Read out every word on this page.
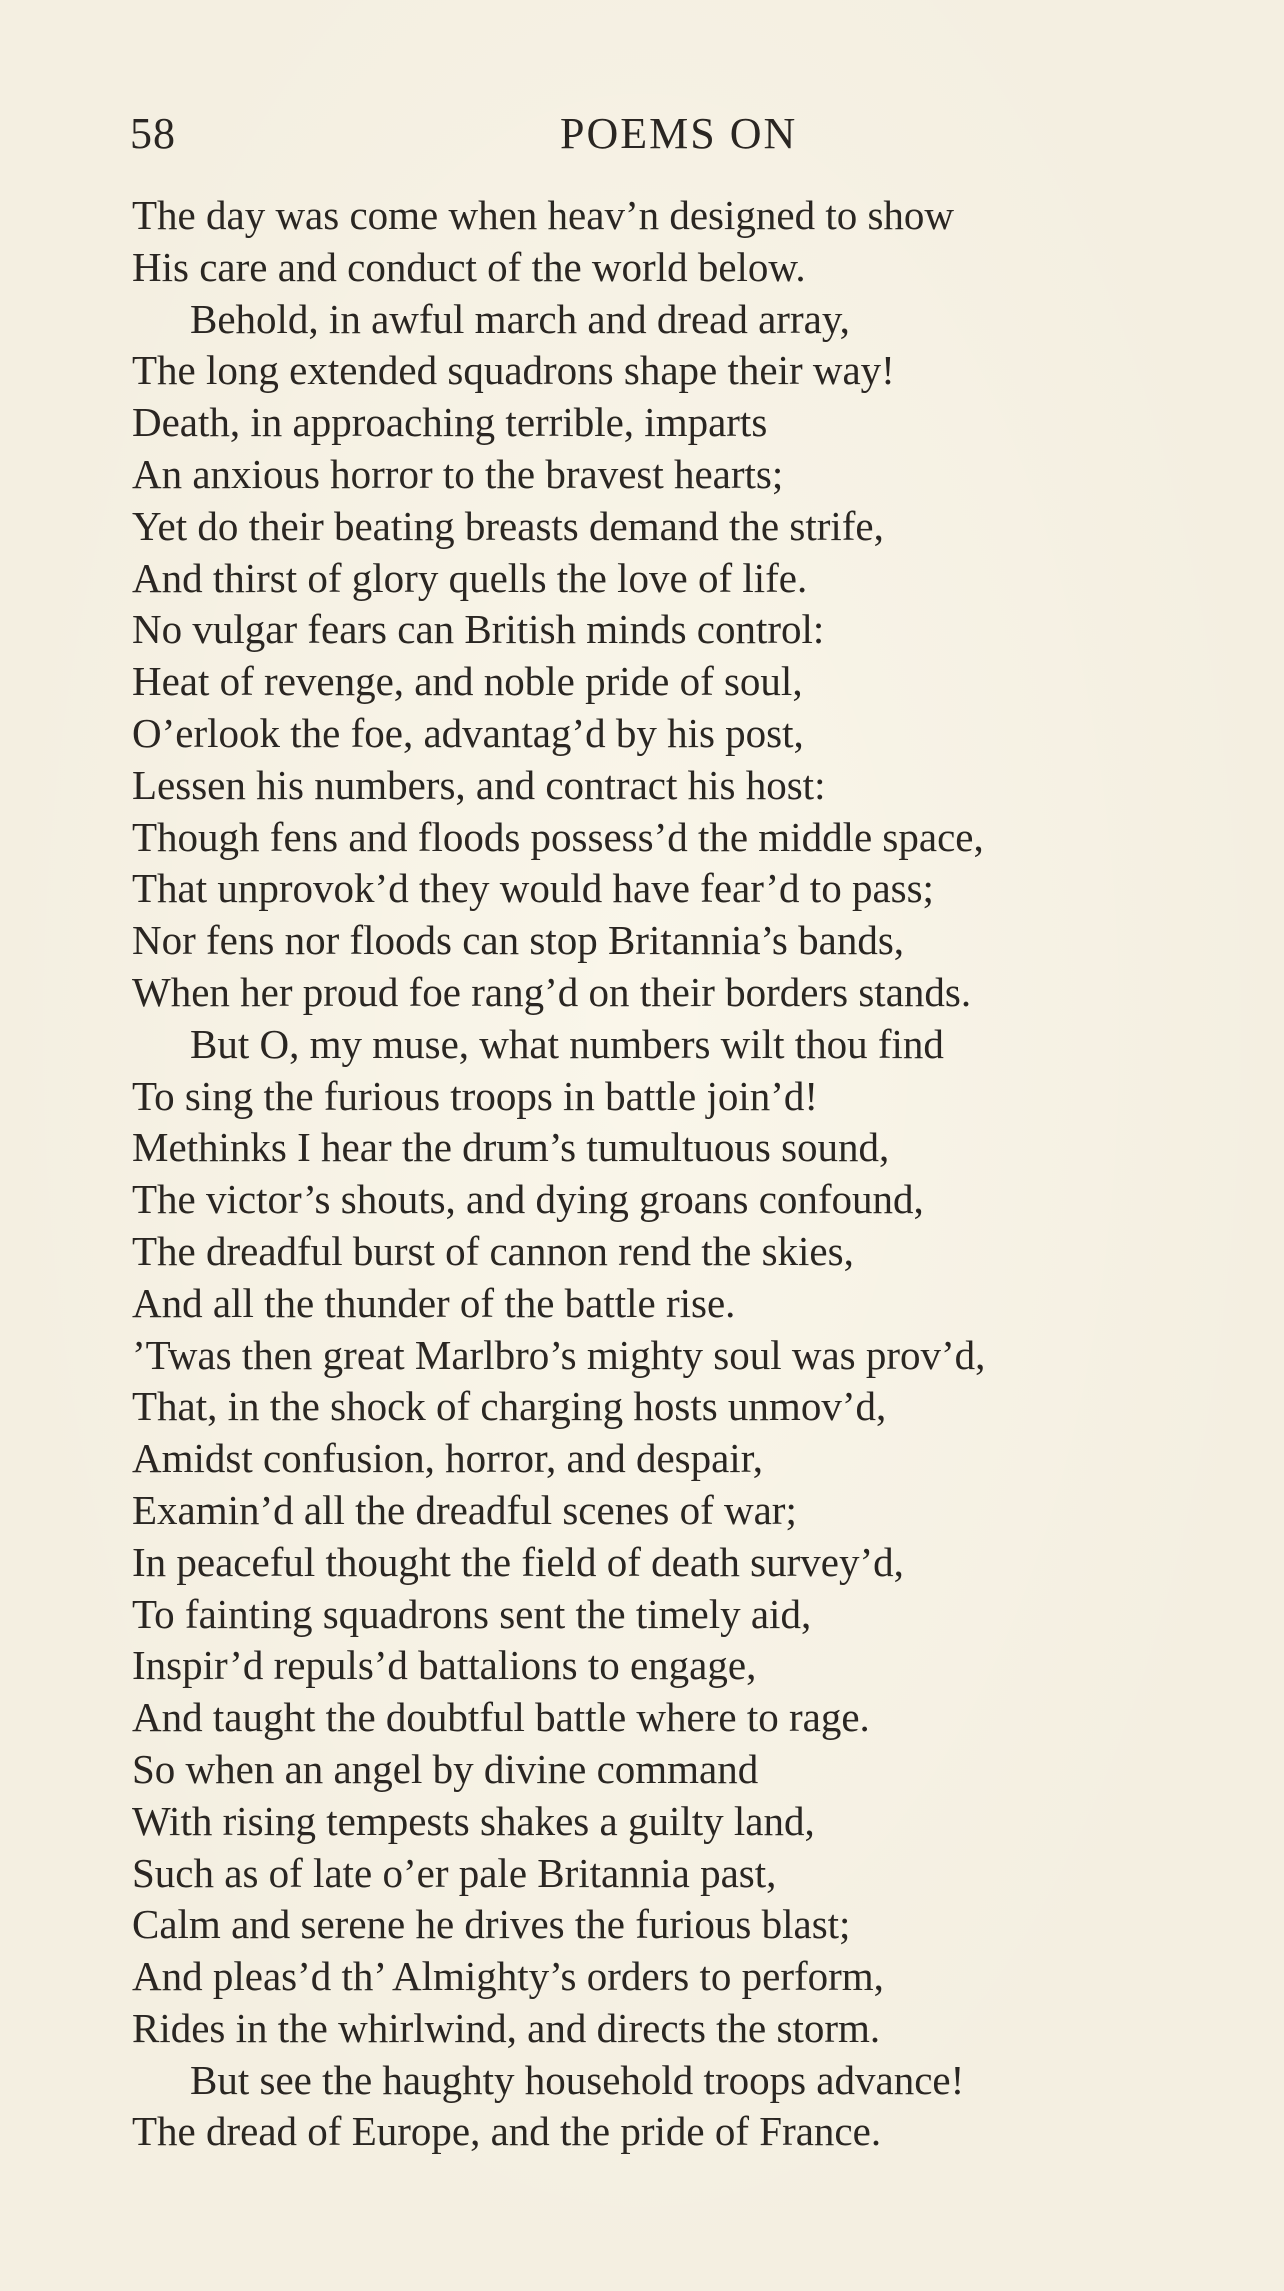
58	POEMS ON
The day was come when heav’n designed to show
His care and conduct of the world below.
Behold, in awful march and dread array,
The long extended squadrons shape their way!
Death, in approaching terrible, imparts
An anxious horror to the bravest hearts;
Yet do their beating breasts demand the strife,
And thirst of glory quells the love of life.
No vulgar fears can British minds control:
Heat of revenge, and noble pride of soul,
O’erlook the foe, advantag’d by his post,
Lessen his numbers, and contract his host:
Though fens and floods possess’d the middle space,
That unprovok’d they would have fear’d to pass;
Nor fens nor floods can stop Britannia’s bands,
When her proud foe rang’d on their borders stands.
But O, my muse, what numbers wilt thou find
To sing the furious troops in battle join’d!
Methinks I hear the drum’s tumultuous sound,
The victor’s shouts, and dying groans confound,
The dreadful burst of cannon rend the skies,
And all the thunder of the battle rise.
’Twas then great Marlbro’s mighty soul was prov’d,
That, in the shock of charging hosts unmov’d,
Amidst confusion, horror, and despair,
Examin’d all the dreadful scenes of war;
In peaceful thought the field of death survey’d,
To fainting squadrons sent the timely aid,
Inspir’d repuls’d battalions to engage,
And taught the doubtful battle where to rage.
So when an angel by divine command
With rising tempests shakes a guilty land,
Such as of late o’er pale Britannia past,
Calm and serene he drives the furious blast;
And pleas’d th’ Almighty’s orders to perform,
Rides in the whirlwind, and directs the storm.
But see the haughty household troops advance!
The dread of Europe, and the pride of France.
